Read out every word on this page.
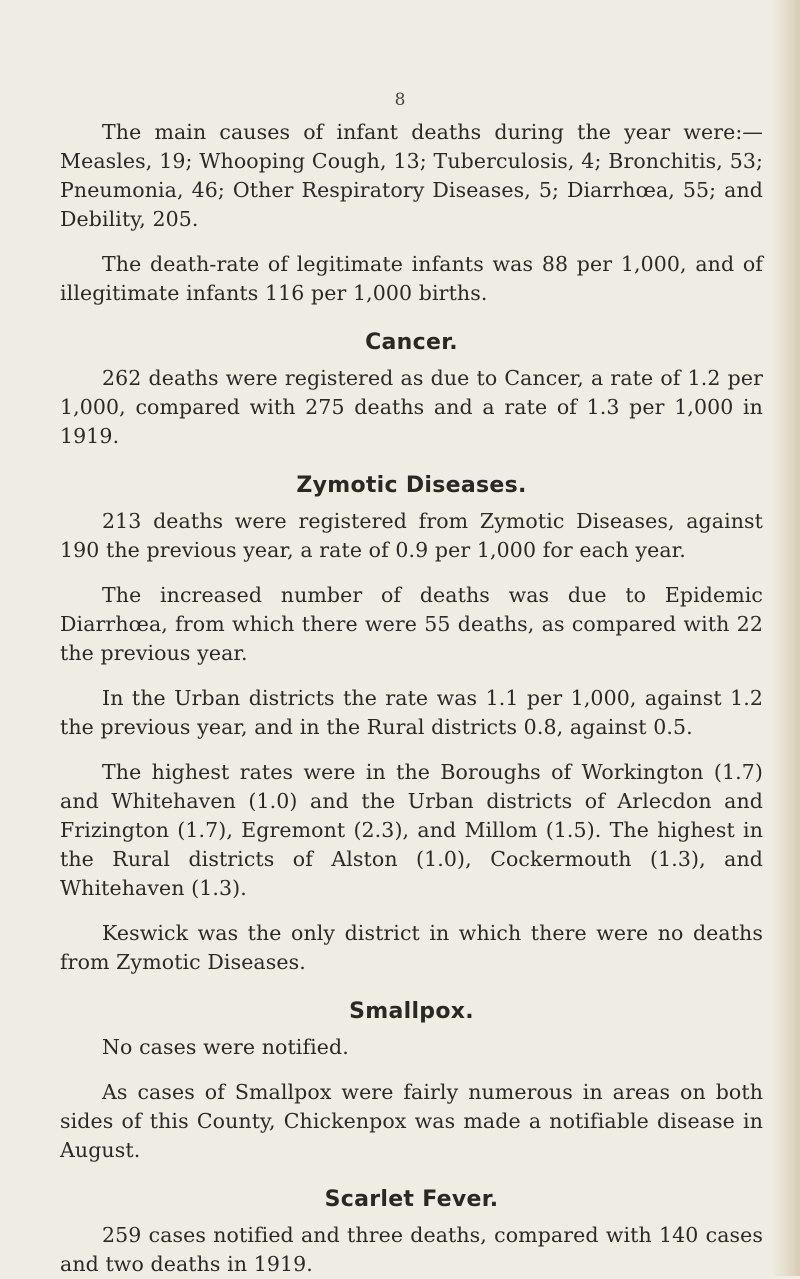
8

The main causes of infant deaths during the year were:—Measles, 19; Whooping Cough, 13; Tuberculosis, 4; Bronchitis, 53; Pneumonia, 46; Other Respiratory Diseases, 5; Diarrhœa, 55; and Debility, 205.

The death-rate of legitimate infants was 88 per 1,000, and of illegitimate infants 116 per 1,000 births.

Cancer.

262 deaths were registered as due to Cancer, a rate of 1.2 per 1,000, compared with 275 deaths and a rate of 1.3 per 1,000 in 1919.

Zymotic Diseases.

213 deaths were registered from Zymotic Diseases, against 190 the previous year, a rate of 0.9 per 1,000 for each year.

The increased number of deaths was due to Epidemic Diarrhœa, from which there were 55 deaths, as compared with 22 the previous year.

In the Urban districts the rate was 1.1 per 1,000, against 1.2 the previous year, and in the Rural districts 0.8, against 0.5.

The highest rates were in the Boroughs of Workington (1.7) and Whitehaven (1.0) and the Urban districts of Arlecdon and Frizington (1.7), Egremont (2.3), and Millom (1.5). The highest in the Rural districts of Alston (1.0), Cockermouth (1.3), and Whitehaven (1.3).

Keswick was the only district in which there were no deaths from Zymotic Diseases.

Smallpox.

No cases were notified.

As cases of Smallpox were fairly numerous in areas on both sides of this County, Chickenpox was made a notifiable disease in August.

Scarlet Fever.

259 cases notified and three deaths, compared with 140 cases and two deaths in 1919.
